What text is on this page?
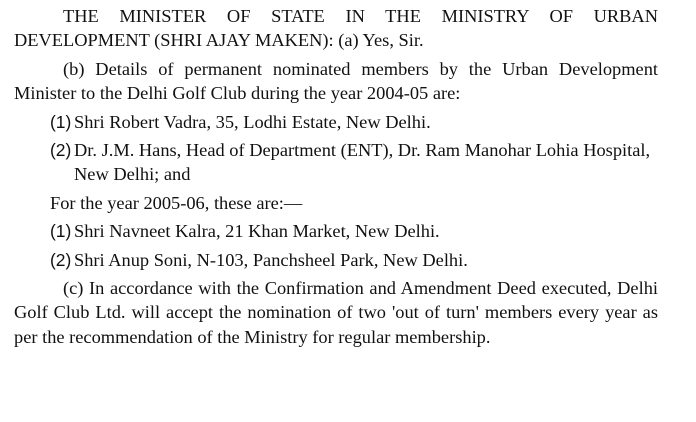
THE MINISTER OF STATE IN THE MINISTRY OF URBAN DEVELOPMENT (SHRI AJAY MAKEN): (a) Yes, Sir.

(b) Details of permanent nominated members by the Urban Development Minister to the Delhi Golf Club during the year 2004-05 are:

(1) Shri Robert Vadra, 35, Lodhi Estate, New Delhi.
(2) Dr. J.M. Hans, Head of Department (ENT), Dr. Ram Manohar Lohia Hospital, New Delhi; and

For the year 2005-06, these are:—

(1) Shri Navneet Kalra, 21 Khan Market, New Delhi.
(2) Shri Anup Soni, N-103, Panchsheel Park, New Delhi.

(c) In accordance with the Confirmation and Amendment Deed executed, Delhi Golf Club Ltd. will accept the nomination of two 'out of turn' members every year as per the recommendation of the Ministry for regular membership.
